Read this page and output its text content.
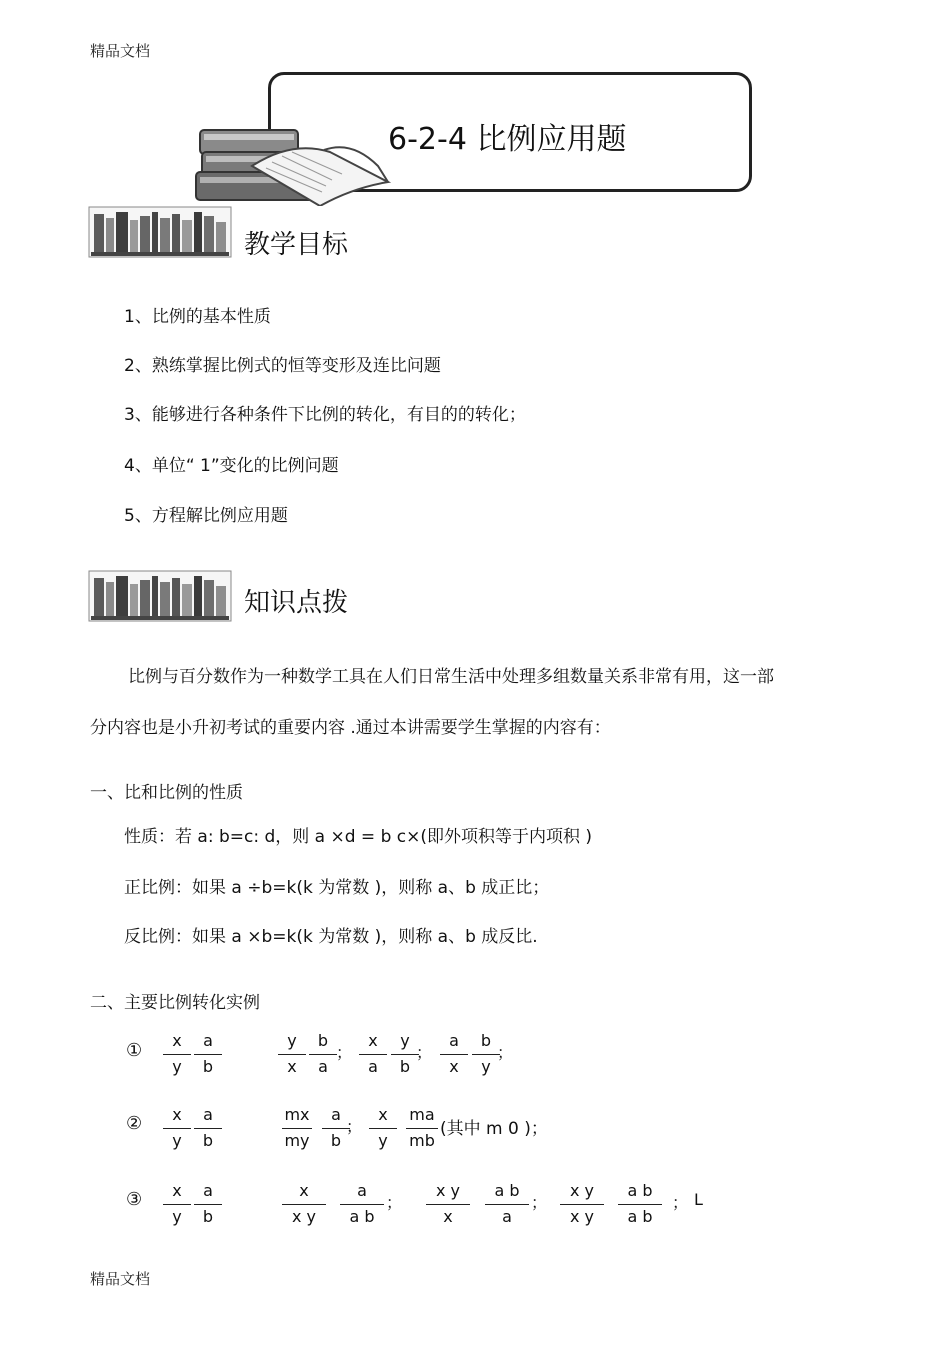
精品文档
6-2-4 比例应用题
教学目标
1、比例的基本性质
2、熟练掌握比例式的恒等变形及连比问题
3、能够进行各种条件下比例的转化，有目的的转化；
4、单位“ 1”变化的比例问题
5、方程解比例应用题
知识点拨
比例与百分数作为一种数学工具在人们日常生活中处理多组数量关系非常有用，这一部
分内容也是小升初考试的重要内容 .通过本讲需要学生掌握的内容有：
一、比和比例的性质
性质：若 a: b=c: d，则 a ×d = b c×(即外项积等于内项积 )
正比例：如果 a ÷b=k(k 为常数 )，则称 a、b 成正比；
反比例：如果 a ×b=k(k 为常数 )，则称 a、b 成反比.
二、主要比例转化实例
① $\frac{x}{y} \frac{a}{b}$	$\frac{y}{x} \frac{b}{a}$ ； $\frac{x}{a} \frac{y}{b}$
； $\frac{a}{x} \frac{b}{y}$
；
② $\frac{x}{y} \frac{a}{b}$	$\frac{mx}{my} \frac{a}{b}$
； $\frac{x}{y} \frac{ma}{mb}$ (其中 m 0 )；
③ $\frac{x}{y} \frac{a}{b}$	$\frac{x}{\text{x y}} \frac{a}{\text{a b}}$ ； $\frac{\text{x y}}{x} \frac{\text{a b}}{a}$ ； $\frac{\text{x y}}{\text{x y}} \frac{\text{a b}}{\text{a b}}$ ； L
精品文档
